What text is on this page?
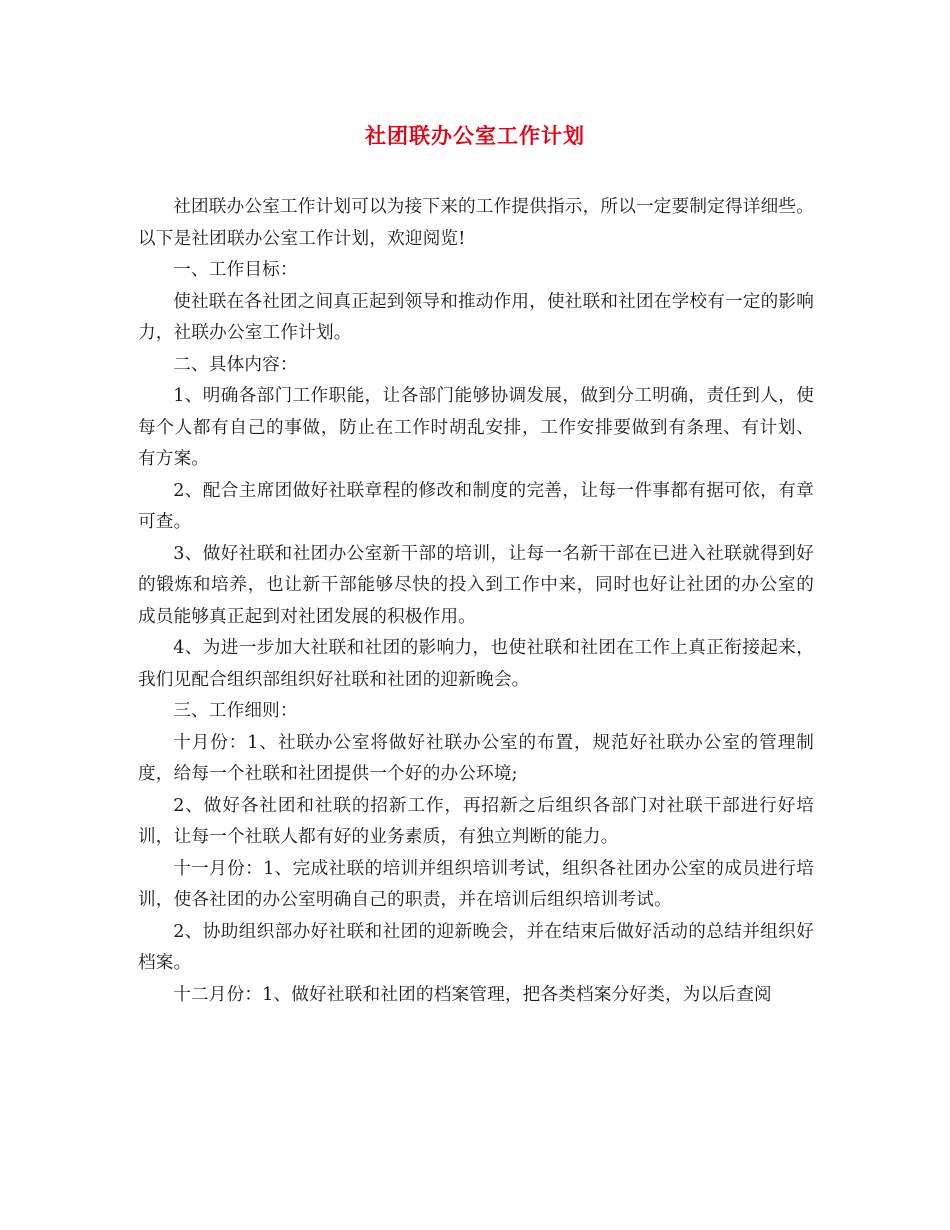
社团联办公室工作计划

社团联办公室工作计划可以为接下来的工作提供指示，所以一定要制定得详细些。以下是社团联办公室工作计划，欢迎阅览!

一、工作目标：

使社联在各社团之间真正起到领导和推动作用，使社联和社团在学校有一定的影响力，社联办公室工作计划。

二、具体内容：

1、明确各部门工作职能，让各部门能够协调发展，做到分工明确，责任到人，使每个人都有自己的事做，防止在工作时胡乱安排，工作安排要做到有条理、有计划、有方案。

2、配合主席团做好社联章程的修改和制度的完善，让每一件事都有据可依，有章可查。

3、做好社联和社团办公室新干部的培训，让每一名新干部在已进入社联就得到好的锻炼和培养，也让新干部能够尽快的投入到工作中来，同时也好让社团的办公室的成员能够真正起到对社团发展的积极作用。

4、为进一步加大社联和社团的影响力，也使社联和社团在工作上真正衔接起来，我们见配合组织部组织好社联和社团的迎新晚会。

三、工作细则：

十月份：1、社联办公室将做好社联办公室的布置，规范好社联办公室的管理制度，给每一个社联和社团提供一个好的办公环境;

2、做好各社团和社联的招新工作，再招新之后组织各部门对社联干部进行好培训，让每一个社联人都有好的业务素质，有独立判断的能力。

十一月份：1、完成社联的培训并组织培训考试，组织各社团办公室的成员进行培训，使各社团的办公室明确自己的职责，并在培训后组织培训考试。

2、协助组织部办好社联和社团的迎新晚会，并在结束后做好活动的总结并组织好档案。

十二月份：1、做好社联和社团的档案管理，把各类档案分好类，为以后查阅
